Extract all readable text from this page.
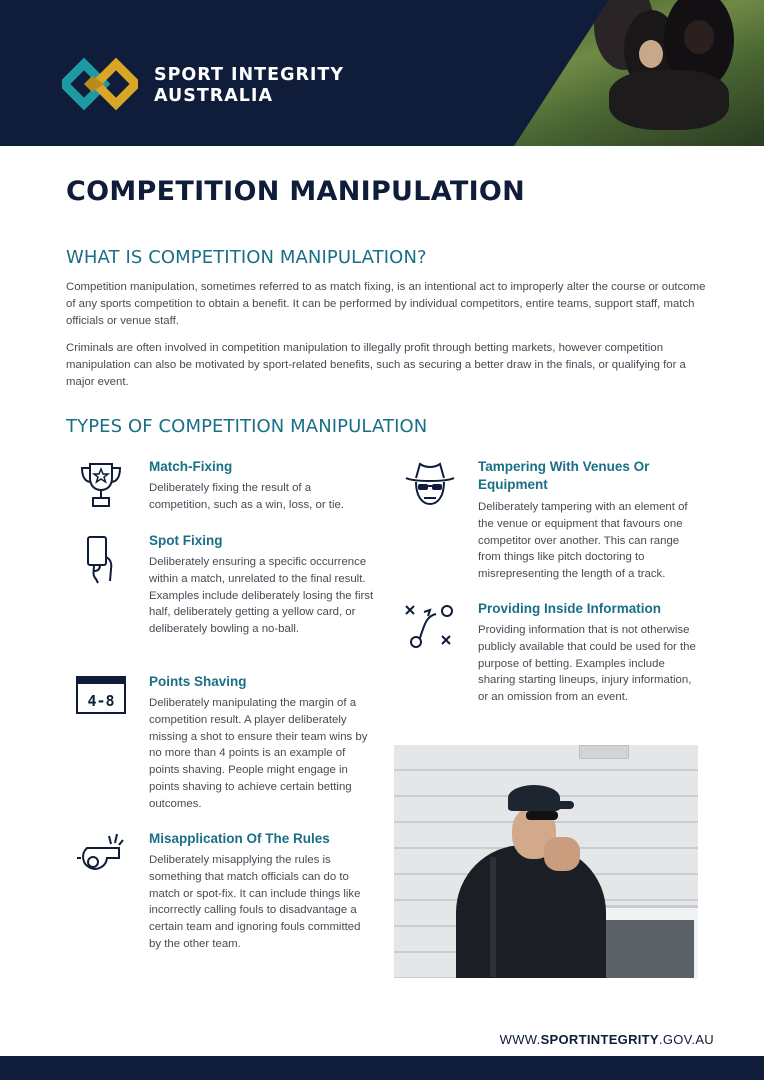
SPORT INTEGRITY
AUSTRALIA
COMPETITION MANIPULATION
WHAT IS COMPETITION MANIPULATION?
Competition manipulation, sometimes referred to as match fixing, is an intentional act to improperly alter the course or outcome of any sports competition to obtain a benefit. It can be performed by individual competitors, entire teams, support staff, match officials or venue staff.
Criminals are often involved in competition manipulation to illegally profit through betting markets, however competition manipulation can also be motivated by sport-related benefits, such as securing a better draw in the finals, or qualifying for a major event.
TYPES OF COMPETITION MANIPULATION
Match-Fixing
Deliberately fixing the result of a competition, such as a win, loss, or tie.
Spot Fixing
Deliberately ensuring a specific occurrence within a match, unrelated to the final result. Examples include deliberately losing the first half, deliberately getting a yellow card, or deliberately bowling a no-ball.
4-8
Points Shaving
Deliberately manipulating the margin of a competition result. A player deliberately missing a shot to ensure their team wins by no more than 4 points is an example of points shaving. People might engage in points shaving to achieve certain betting outcomes.
Misapplication Of The Rules
Deliberately misapplying the rules is something that match officials can do to match or spot-fix. It can include things like incorrectly calling fouls to disadvantage a certain team and ignoring fouls committed by the other team.
Tampering With Venues Or Equipment
Deliberately tampering with an element of the venue or equipment that favours one competitor over another. This can range from things like pitch doctoring to misrepresenting the length of a track.
Providing Inside Information
Providing information that is not otherwise publicly available that could be used for the purpose of betting. Examples include sharing starting lineups, injury information, or an omission from an event.
WWW.SPORTINTEGRITY.GOV.AU
